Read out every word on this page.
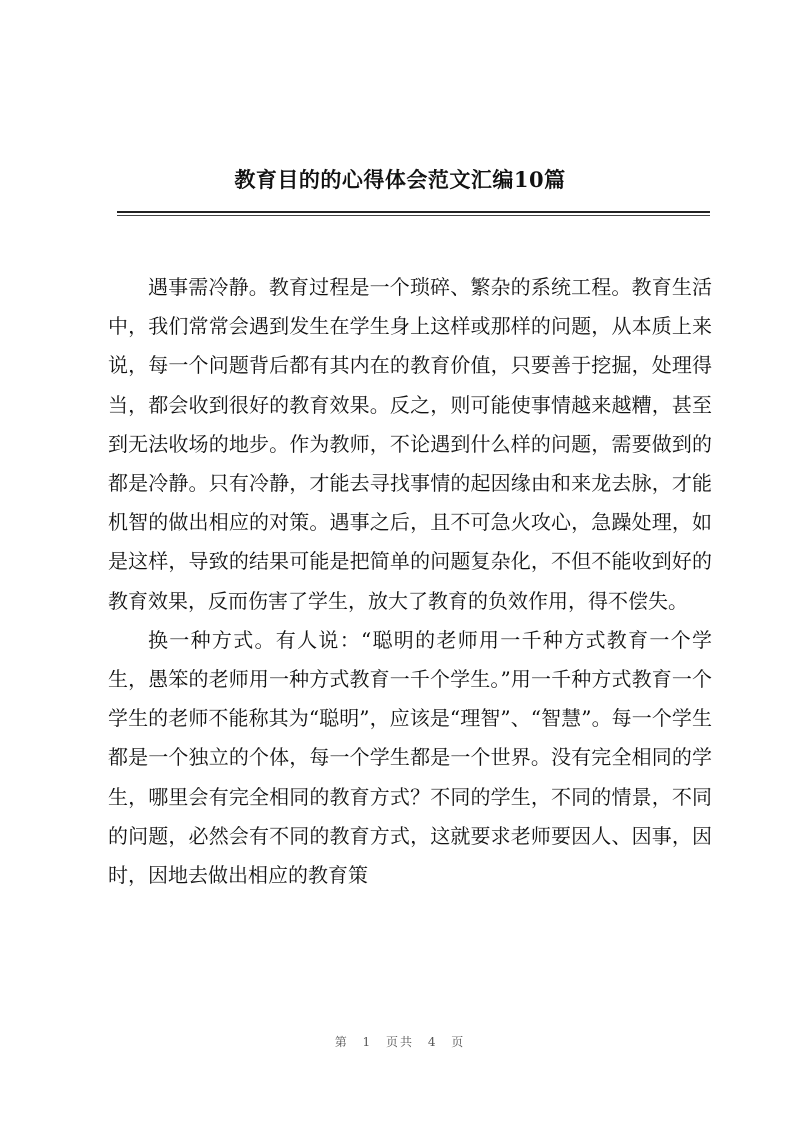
教育目的的心得体会范文汇编10篇

遇事需冷静。教育过程是一个琐碎、繁杂的系统工程。教育生活中，我们常常会遇到发生在学生身上这样或那样的问题，从本质上来说，每一个问题背后都有其内在的教育价值，只要善于挖掘，处理得当，都会收到很好的教育效果。反之，则可能使事情越来越糟，甚至到无法收场的地步。作为教师，不论遇到什么样的问题，需要做到的都是冷静。只有冷静，才能去寻找事情的起因缘由和来龙去脉，才能机智的做出相应的对策。遇事之后，且不可急火攻心，急躁处理，如是这样，导致的结果可能是把简单的问题复杂化，不但不能收到好的教育效果，反而伤害了学生，放大了教育的负效作用，得不偿失。

换一种方式。有人说：“聪明的老师用一千种方式教育一个学生，愚笨的老师用一种方式教育一千个学生。”用一千种方式教育一个学生的老师不能称其为“聪明”，应该是“理智”、“智慧”。每一个学生都是一个独立的个体，每一个学生都是一个世界。没有完全相同的学生，哪里会有完全相同的教育方式？不同的学生，不同的情景，不同的问题，必然会有不同的教育方式，这就要求老师要因人、因事，因时，因地去做出相应的教育策

第 1 页共 4 页
